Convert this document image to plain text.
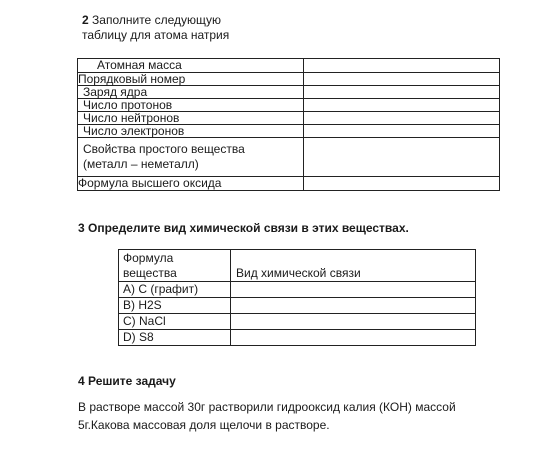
2 Заполните следующую таблицу для атома натрия
Атомная масса
Порядковый номер
Заряд ядра
Число протонов
Число нейтронов
Число электронов
Свойства простого вещества (металл – неметалл)
Формула высшего оксида
3 Определите вид химической связи в этих веществах.
Формула вещества	Вид химической связи
А) С (графит)
В) H2S
С) NaCl
D) S8
4 Решите задачу
В растворе массой 30г растворили гидрооксид калия (КОН) массой 5г.Какова массовая доля щелочи в растворе.
